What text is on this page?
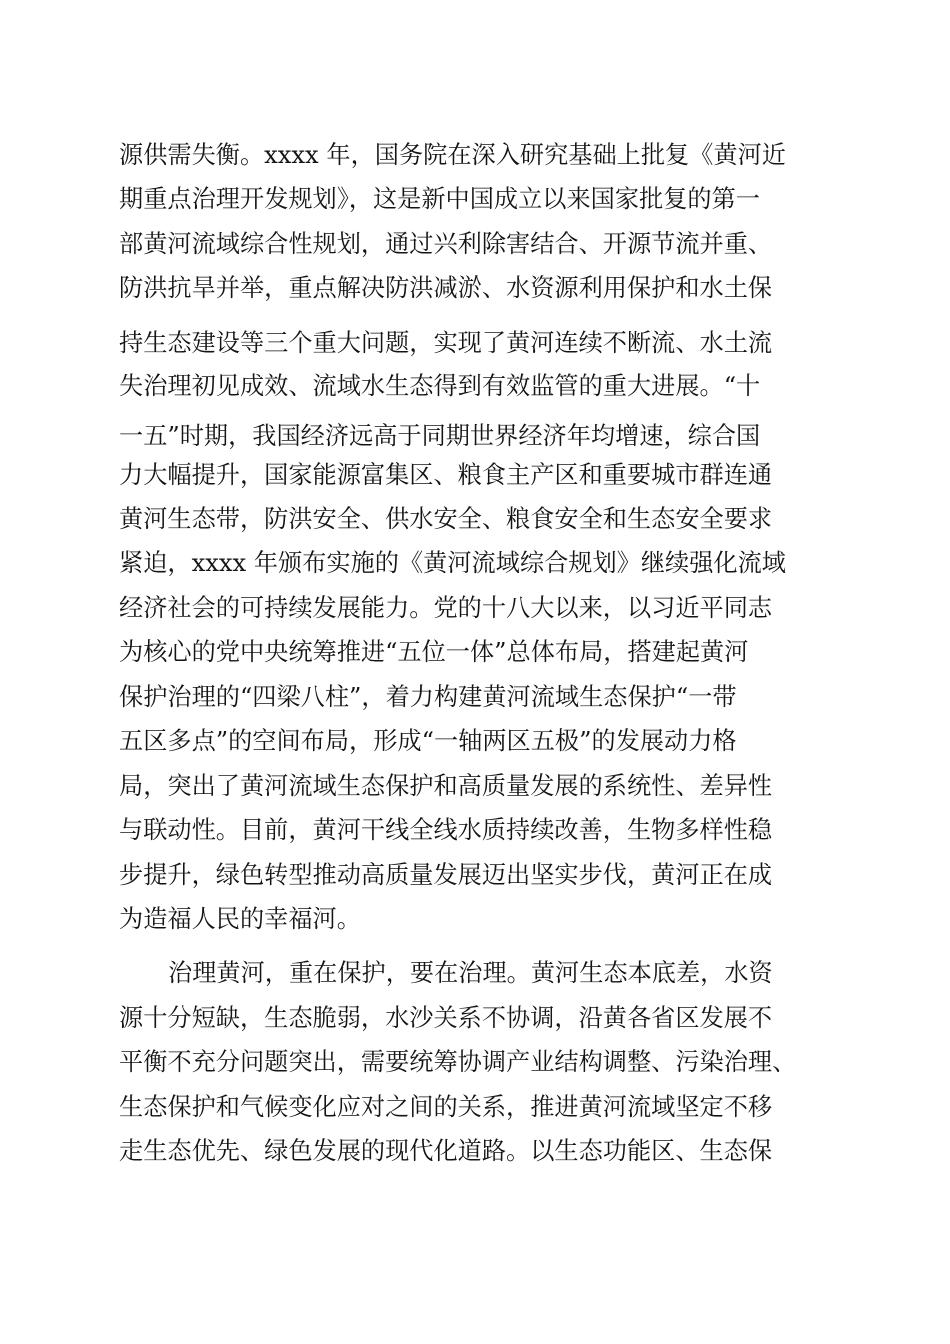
源供需失衡。xxxx 年，国务院在深入研究基础上批复《黄河近
期重点治理开发规划》，这是新中国成立以来国家批复的第一
部黄河流域综合性规划，通过兴利除害结合、开源节流并重、
防洪抗旱并举，重点解决防洪减淤、水资源利用保护和水土保
持生态建设等三个重大问题，实现了黄河连续不断流、水土流
失治理初见成效、流域水生态得到有效监管的重大进展。“十
一五”时期，我国经济远高于同期世界经济年均增速，综合国
力大幅提升，国家能源富集区、粮食主产区和重要城市群连通
黄河生态带，防洪安全、供水安全、粮食安全和生态安全要求
紧迫，xxxx 年颁布实施的《黄河流域综合规划》继续强化流域
经济社会的可持续发展能力。党的十八大以来，以习近平同志
为核心的党中央统筹推进“五位一体”总体布局，搭建起黄河
保护治理的“四梁八柱”，着力构建黄河流域生态保护“一带
五区多点”的空间布局，形成“一轴两区五极”的发展动力格
局，突出了黄河流域生态保护和高质量发展的系统性、差异性
与联动性。目前，黄河干线全线水质持续改善，生物多样性稳
步提升，绿色转型推动高质量发展迈出坚实步伐，黄河正在成
为造福人民的幸福河。
治理黄河，重在保护，要在治理。黄河生态本底差，水资
源十分短缺，生态脆弱，水沙关系不协调，沿黄各省区发展不
平衡不充分问题突出，需要统筹协调产业结构调整、污染治理、
生态保护和气候变化应对之间的关系，推进黄河流域坚定不移
走生态优先、绿色发展的现代化道路。以生态功能区、生态保
